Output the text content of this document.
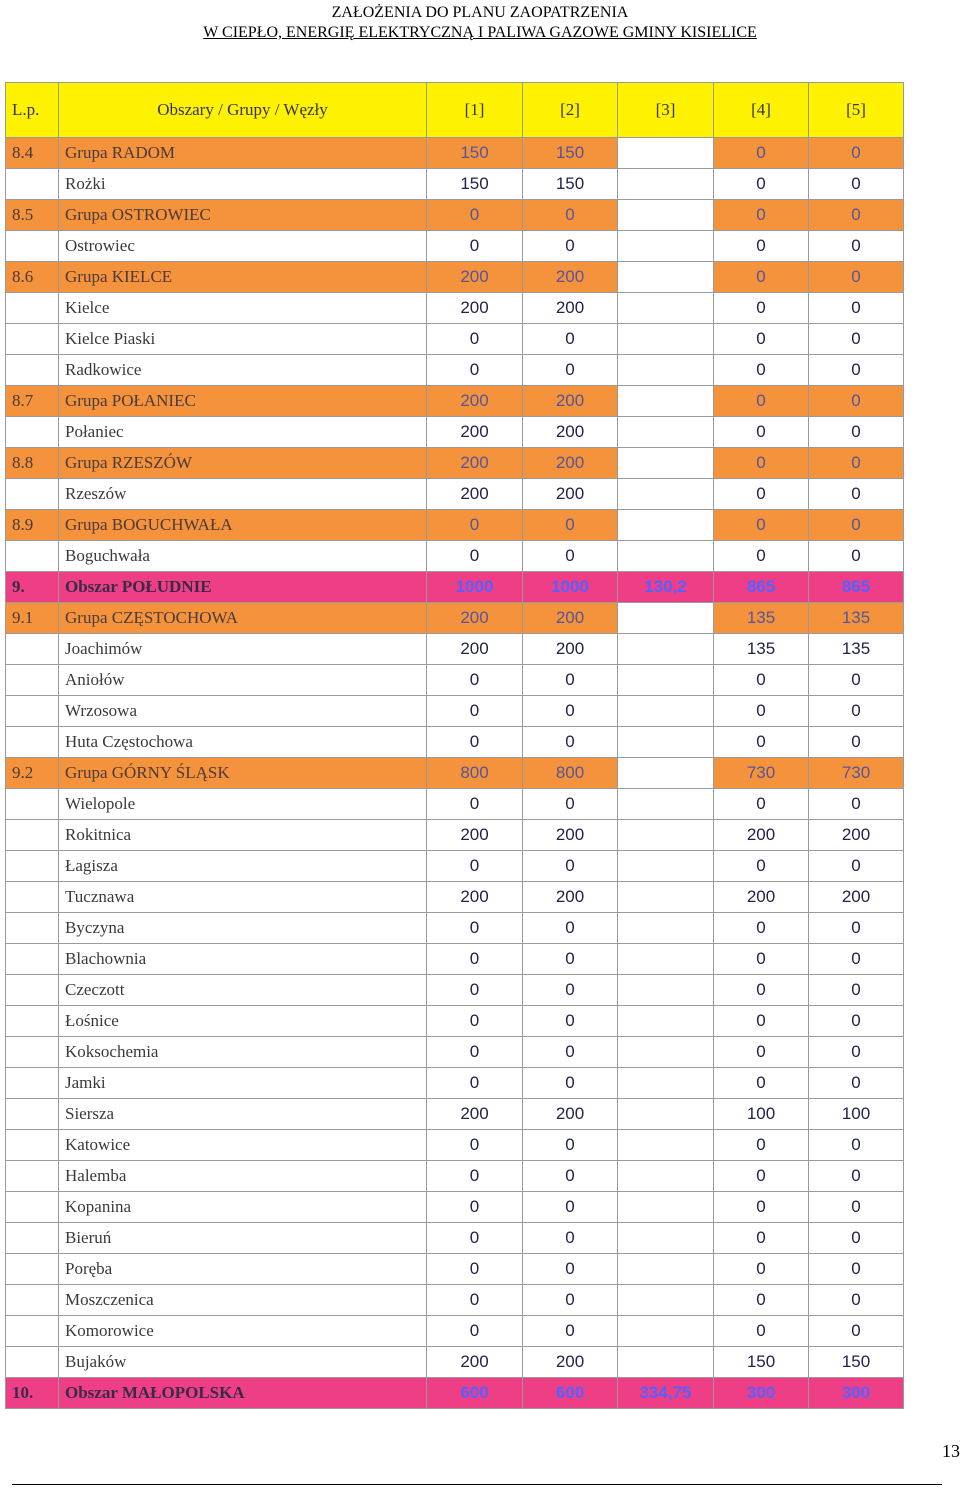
ZAŁOŻENIA DO PLANU ZAOPATRZENIA
W CIEPŁO, ENERGIĘ ELEKTRYCZNĄ I PALIWA GAZOWE GMINY KISIELICE
L.p.	Obszary / Grupy / Węzły	[1]	[2]	[3]	[4]	[5]
8.4	Grupa RADOM	150	150		0	0
	Rożki	150	150		0	0
8.5	Grupa OSTROWIEC	0	0		0	0
	Ostrowiec	0	0		0	0
8.6	Grupa KIELCE	200	200		0	0
	Kielce	200	200		0	0
	Kielce Piaski	0	0		0	0
	Radkowice	0	0		0	0
8.7	Grupa POŁANIEC	200	200		0	0
	Połaniec	200	200		0	0
8.8	Grupa RZESZÓW	200	200		0	0
	Rzeszów	200	200		0	0
8.9	Grupa BOGUCHWAŁA	0	0		0	0
	Boguchwała	0	0		0	0
9.	Obszar POŁUDNIE	1000	1000	130,2	865	865
9.1	Grupa CZĘSTOCHOWA	200	200		135	135
	Joachimów	200	200		135	135
	Aniołów	0	0		0	0
	Wrzosowa	0	0		0	0
	Huta Częstochowa	0	0		0	0
9.2	Grupa GÓRNY ŚLĄSK	800	800		730	730
	Wielopole	0	0		0	0
	Rokitnica	200	200		200	200
	Łagisza	0	0		0	0
	Tucznawa	200	200		200	200
	Byczyna	0	0		0	0
	Blachownia	0	0		0	0
	Czeczott	0	0		0	0
	Łośnice	0	0		0	0
	Koksochemia	0	0		0	0
	Jamki	0	0		0	0
	Siersza	200	200		100	100
	Katowice	0	0		0	0
	Halemba	0	0		0	0
	Kopanina	0	0		0	0
	Bieruń	0	0		0	0
	Poręba	0	0		0	0
	Moszczenica	0	0		0	0
	Komorowice	0	0		0	0
	Bujaków	200	200		150	150
10.	Obszar MAŁOPOLSKA	600	600	334,75	300	300
13
